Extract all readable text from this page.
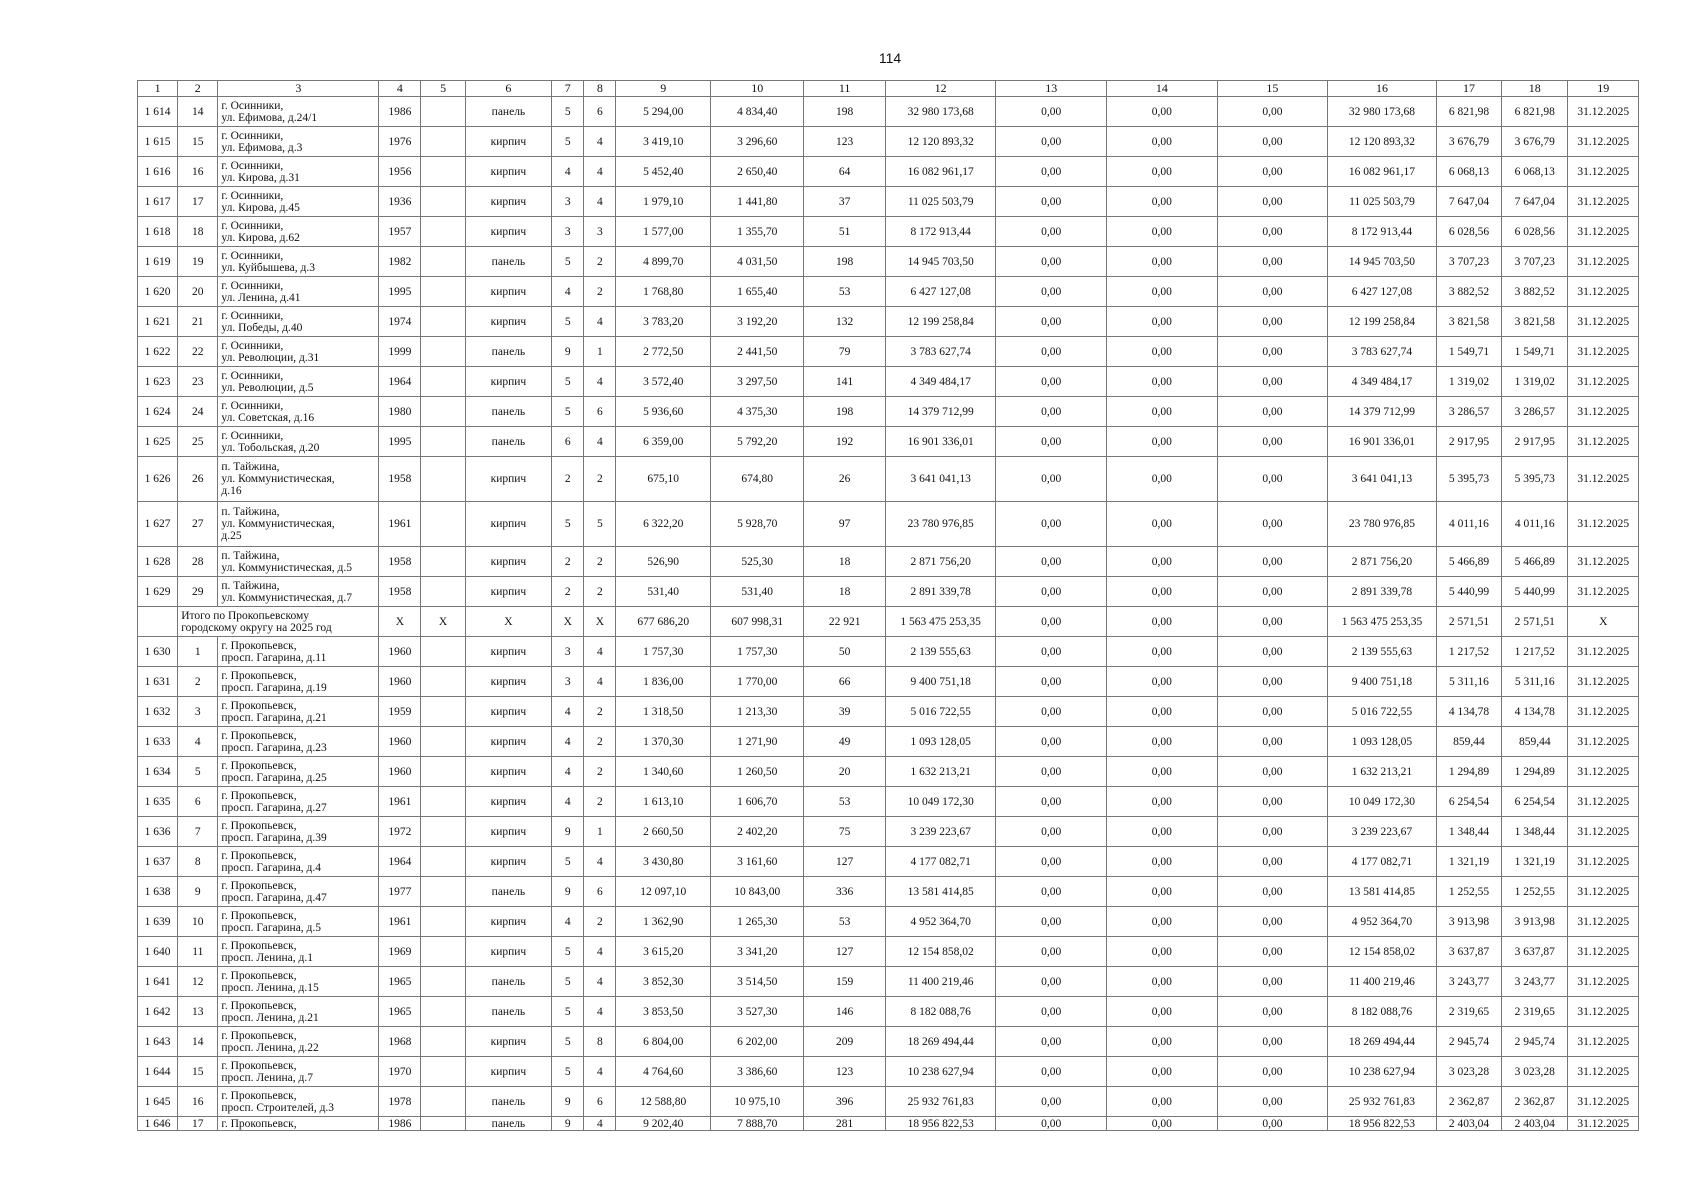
114
1	2	3	4	5	6	7	8	9	10	11	12	13	14	15	16	17	18	19
1 614	14	г. Осинники,
ул. Ефимова, д.24/1	1986		панель	5	6	5 294,00	4 834,40	198	32 980 173,68	0,00	0,00	0,00	32 980 173,68	6 821,98	6 821,98	31.12.2025
1 615	15	г. Осинники,
ул. Ефимова, д.3	1976		кирпич	5	4	3 419,10	3 296,60	123	12 120 893,32	0,00	0,00	0,00	12 120 893,32	3 676,79	3 676,79	31.12.2025
1 616	16	г. Осинники,
ул. Кирова, д.31	1956		кирпич	4	4	5 452,40	2 650,40	64	16 082 961,17	0,00	0,00	0,00	16 082 961,17	6 068,13	6 068,13	31.12.2025
1 617	17	г. Осинники,
ул. Кирова, д.45	1936		кирпич	3	4	1 979,10	1 441,80	37	11 025 503,79	0,00	0,00	0,00	11 025 503,79	7 647,04	7 647,04	31.12.2025
1 618	18	г. Осинники,
ул. Кирова, д.62	1957		кирпич	3	3	1 577,00	1 355,70	51	8 172 913,44	0,00	0,00	0,00	8 172 913,44	6 028,56	6 028,56	31.12.2025
1 619	19	г. Осинники,
ул. Куйбышева, д.3	1982		панель	5	2	4 899,70	4 031,50	198	14 945 703,50	0,00	0,00	0,00	14 945 703,50	3 707,23	3 707,23	31.12.2025
1 620	20	г. Осинники,
ул. Ленина, д.41	1995		кирпич	4	2	1 768,80	1 655,40	53	6 427 127,08	0,00	0,00	0,00	6 427 127,08	3 882,52	3 882,52	31.12.2025
1 621	21	г. Осинники,
ул. Победы, д.40	1974		кирпич	5	4	3 783,20	3 192,20	132	12 199 258,84	0,00	0,00	0,00	12 199 258,84	3 821,58	3 821,58	31.12.2025
1 622	22	г. Осинники,
ул. Революции, д.31	1999		панель	9	1	2 772,50	2 441,50	79	3 783 627,74	0,00	0,00	0,00	3 783 627,74	1 549,71	1 549,71	31.12.2025
1 623	23	г. Осинники,
ул. Революции, д.5	1964		кирпич	5	4	3 572,40	3 297,50	141	4 349 484,17	0,00	0,00	0,00	4 349 484,17	1 319,02	1 319,02	31.12.2025
1 624	24	г. Осинники,
ул. Советская, д.16	1980		панель	5	6	5 936,60	4 375,30	198	14 379 712,99	0,00	0,00	0,00	14 379 712,99	3 286,57	3 286,57	31.12.2025
1 625	25	г. Осинники,
ул. Тобольская, д.20	1995		панель	6	4	6 359,00	5 792,20	192	16 901 336,01	0,00	0,00	0,00	16 901 336,01	2 917,95	2 917,95	31.12.2025
1 626	26	п. Тайжина,
ул. Коммунистическая,
д.16	1958		кирпич	2	2	675,10	674,80	26	3 641 041,13	0,00	0,00	0,00	3 641 041,13	5 395,73	5 395,73	31.12.2025
1 627	27	п. Тайжина,
ул. Коммунистическая,
д.25	1961		кирпич	5	5	6 322,20	5 928,70	97	23 780 976,85	0,00	0,00	0,00	23 780 976,85	4 011,16	4 011,16	31.12.2025
1 628	28	п. Тайжина,
ул. Коммунистическая, д.5	1958		кирпич	2	2	526,90	525,30	18	2 871 756,20	0,00	0,00	0,00	2 871 756,20	5 466,89	5 466,89	31.12.2025
1 629	29	п. Тайжина,
ул. Коммунистическая, д.7	1958		кирпич	2	2	531,40	531,40	18	2 891 339,78	0,00	0,00	0,00	2 891 339,78	5 440,99	5 440,99	31.12.2025
	Итого по Прокопьевскому
городскому округу на 2025 год		X	X	X	X	X	677 686,20	607 998,31	22 921	1 563 475 253,35	0,00	0,00	0,00	1 563 475 253,35	2 571,51	2 571,51	X
1 630	1	г. Прокопьевск,
просп. Гагарина, д.11	1960		кирпич	3	4	1 757,30	1 757,30	50	2 139 555,63	0,00	0,00	0,00	2 139 555,63	1 217,52	1 217,52	31.12.2025
1 631	2	г. Прокопьевск,
просп. Гагарина, д.19	1960		кирпич	3	4	1 836,00	1 770,00	66	9 400 751,18	0,00	0,00	0,00	9 400 751,18	5 311,16	5 311,16	31.12.2025
1 632	3	г. Прокопьевск,
просп. Гагарина, д.21	1959		кирпич	4	2	1 318,50	1 213,30	39	5 016 722,55	0,00	0,00	0,00	5 016 722,55	4 134,78	4 134,78	31.12.2025
1 633	4	г. Прокопьевск,
просп. Гагарина, д.23	1960		кирпич	4	2	1 370,30	1 271,90	49	1 093 128,05	0,00	0,00	0,00	1 093 128,05	859,44	859,44	31.12.2025
1 634	5	г. Прокопьевск,
просп. Гагарина, д.25	1960		кирпич	4	2	1 340,60	1 260,50	20	1 632 213,21	0,00	0,00	0,00	1 632 213,21	1 294,89	1 294,89	31.12.2025
1 635	6	г. Прокопьевск,
просп. Гагарина, д.27	1961		кирпич	4	2	1 613,10	1 606,70	53	10 049 172,30	0,00	0,00	0,00	10 049 172,30	6 254,54	6 254,54	31.12.2025
1 636	7	г. Прокопьевск,
просп. Гагарина, д.39	1972		кирпич	9	1	2 660,50	2 402,20	75	3 239 223,67	0,00	0,00	0,00	3 239 223,67	1 348,44	1 348,44	31.12.2025
1 637	8	г. Прокопьевск,
просп. Гагарина, д.4	1964		кирпич	5	4	3 430,80	3 161,60	127	4 177 082,71	0,00	0,00	0,00	4 177 082,71	1 321,19	1 321,19	31.12.2025
1 638	9	г. Прокопьевск,
просп. Гагарина, д.47	1977		панель	9	6	12 097,10	10 843,00	336	13 581 414,85	0,00	0,00	0,00	13 581 414,85	1 252,55	1 252,55	31.12.2025
1 639	10	г. Прокопьевск,
просп. Гагарина, д.5	1961		кирпич	4	2	1 362,90	1 265,30	53	4 952 364,70	0,00	0,00	0,00	4 952 364,70	3 913,98	3 913,98	31.12.2025
1 640	11	г. Прокопьевск,
просп. Ленина, д.1	1969		кирпич	5	4	3 615,20	3 341,20	127	12 154 858,02	0,00	0,00	0,00	12 154 858,02	3 637,87	3 637,87	31.12.2025
1 641	12	г. Прокопьевск,
просп. Ленина, д.15	1965		панель	5	4	3 852,30	3 514,50	159	11 400 219,46	0,00	0,00	0,00	11 400 219,46	3 243,77	3 243,77	31.12.2025
1 642	13	г. Прокопьевск,
просп. Ленина, д.21	1965		панель	5	4	3 853,50	3 527,30	146	8 182 088,76	0,00	0,00	0,00	8 182 088,76	2 319,65	2 319,65	31.12.2025
1 643	14	г. Прокопьевск,
просп. Ленина, д.22	1968		кирпич	5	8	6 804,00	6 202,00	209	18 269 494,44	0,00	0,00	0,00	18 269 494,44	2 945,74	2 945,74	31.12.2025
1 644	15	г. Прокопьевск,
просп. Ленина, д.7	1970		кирпич	5	4	4 764,60	3 386,60	123	10 238 627,94	0,00	0,00	0,00	10 238 627,94	3 023,28	3 023,28	31.12.2025
1 645	16	г. Прокопьевск,
просп. Строителей, д.3	1978		панель	9	6	12 588,80	10 975,10	396	25 932 761,83	0,00	0,00	0,00	25 932 761,83	2 362,87	2 362,87	31.12.2025
1 646	17	г. Прокопьевск,	1986		панель	9	4	9 202,40	7 888,70	281	18 956 822,53	0,00	0,00	0,00	18 956 822,53	2 403,04	2 403,04	31.12.2025
